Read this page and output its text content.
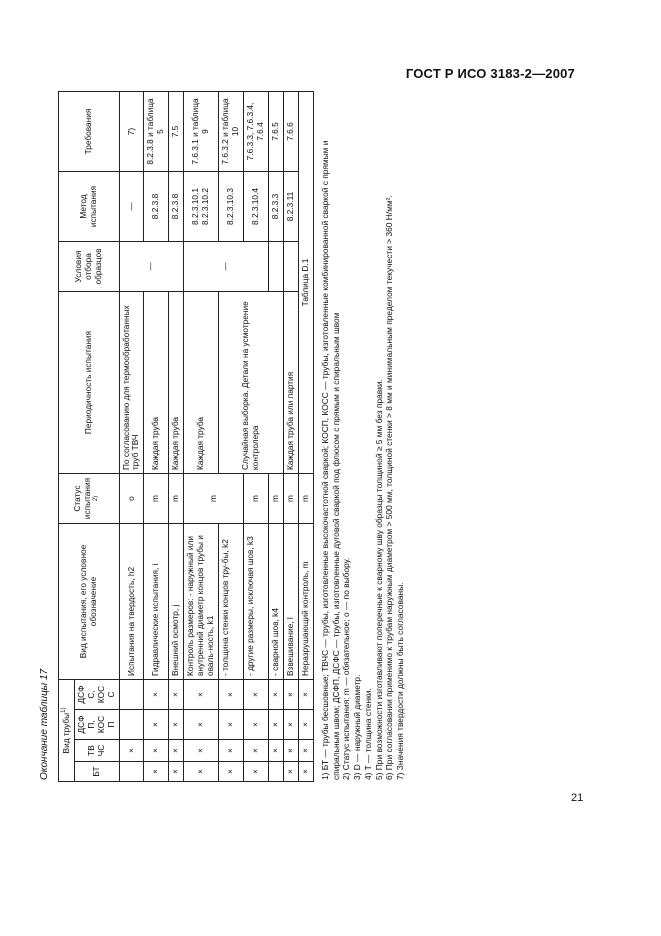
ГОСТ Р ИСО 3183-2—2007
Окончание таблицы 17 Вид трубы$^{1)}$				Вид испытания, его условное обозначение	Статус испытания $^{2)}$	Периодичность испытания	Условия отбора образцов	Метод испытания	Требования
БТ	ТВЧС	ДСФП, КОСП	ДСФС, КОСС						
	×			Испытания на твердость, h2	о	По согласованию для термообработанных труб ТВЧ	—	—	7)
×	×	×	×	Гидравлические испытания, i	m	Каждая труба		8.2.3.8	8.2.3.8 и таблица 5
×	×	×	×	Внешний осмотр, j	m	Каждая труба		8.2.3.8	7.5
×	×	×	×	Контроль размеров: - наружный или внутренний диаметр концов трубы и оваль-ность, k1	m	Каждая труба	—	8.2.3.10.1 8.2.3.10.2	7.6.3.1 и таблица 9
×	×	×	×	- толщина стенки концов тру-бы, k2		Случайная выборка. Детали на усмотрение контролера		8.2.3.10.3	7.6.3.2 и таблица 10
×	×	×	×	- другие размеры, исключая шов, k3	m			8.2.3.10.4	7.6.3.3, 7.6.3.4, 7.6.4
	×	×	×	- сварной шов, k4	m			8.2.3.3	7.6.5
×	×	×	×	Взвешивание, l	m	Каждая труба или партия		8.2.3.11	7.6.6
×	×	×	×	Неразрушающий контроль, m	m	Таблица D.1			1) БТ — трубы бесшовные; ТВЧС — трубы, изготовленные высокочастотной сваркой; КОСП, КОСС — трубы, изготовленные комбинированной сваркой с прямым и спиральным швом; ДСФП, ДСФС — трубы, изготовленные дуговой сваркой под флюсом с прямым и спиральным швом 2) Статус испытания: m — обязательное; о — по выбору. 3) D — наружный диаметр. 4) T — толщина стенки. 5) При возможности изготавливают поперечные к сварному шву образцы толщиной ≥ 5 мм без правки. 6) При согласовании применимо к трубам наружным диаметром > 500 мм, толщиной стенки > 8 мм и минимальным пределом текучести > 360 Н/мм². 7) Значения твердости должны быть согласованы.
21
